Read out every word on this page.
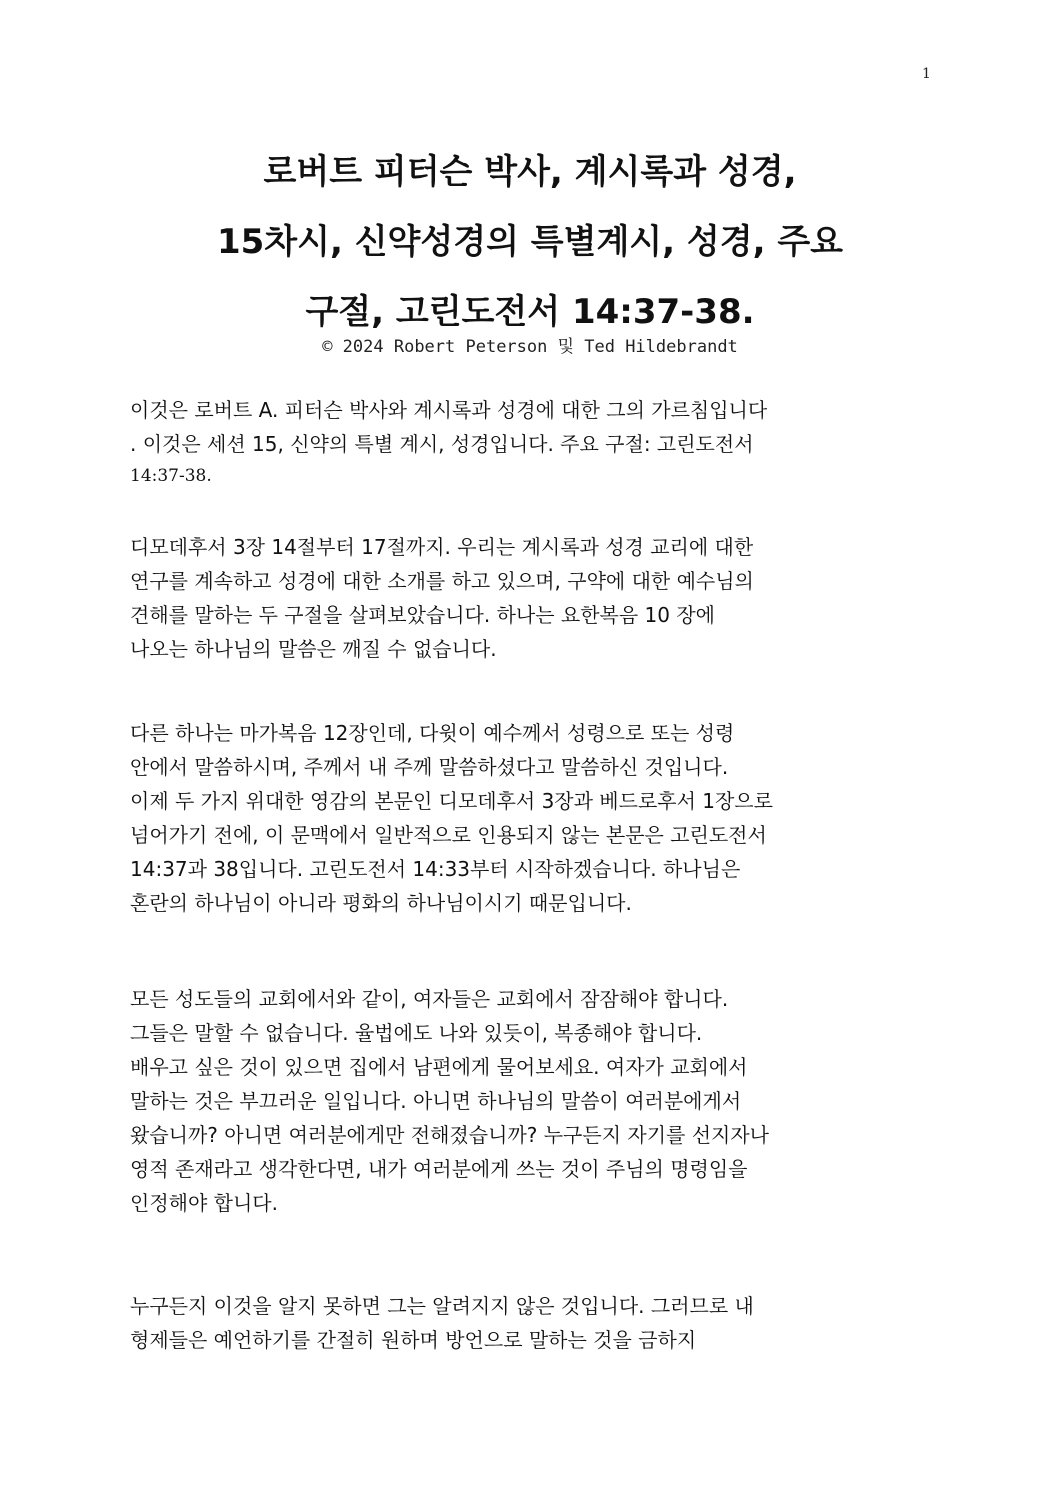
1
로버트 피터슨 박사, 계시록과 성경,
15차시, 신약성경의 특별계시, 성경, 주요
구절, 고린도전서 14:37-38.
© 2024 Robert Peterson 및 Ted Hildebrandt
이것은 로버트 A. 피터슨 박사와 계시록과 성경에 대한 그의 가르침입니다
. 이것은 세션 15, 신약의 특별 계시, 성경입니다. 주요 구절: 고린도전서
14:37-38.
디모데후서 3장 14절부터 17절까지. 우리는 계시록과 성경 교리에 대한
연구를 계속하고 성경에 대한 소개를 하고 있으며, 구약에 대한 예수님의
견해를 말하는 두 구절을 살펴보았습니다. 하나는 요한복음 10 장에
나오는 하나님의 말씀은 깨질 수 없습니다.
다른 하나는 마가복음 12장인데, 다윗이 예수께서 성령으로 또는 성령
안에서 말씀하시며, 주께서 내 주께 말씀하셨다고 말씀하신 것입니다.
이제 두 가지 위대한 영감의 본문인 디모데후서 3장과 베드로후서 1장으로
넘어가기 전에, 이 문맥에서 일반적으로 인용되지 않는 본문은 고린도전서
14:37과 38입니다. 고린도전서 14:33부터 시작하겠습니다. 하나님은
혼란의 하나님이 아니라 평화의 하나님이시기 때문입니다.
모든 성도들의 교회에서와 같이, 여자들은 교회에서 잠잠해야 합니다.
그들은 말할 수 없습니다. 율법에도 나와 있듯이, 복종해야 합니다.
배우고 싶은 것이 있으면 집에서 남편에게 물어보세요. 여자가 교회에서
말하는 것은 부끄러운 일입니다. 아니면 하나님의 말씀이 여러분에게서
왔습니까? 아니면 여러분에게만 전해졌습니까? 누구든지 자기를 선지자나
영적 존재라고 생각한다면, 내가 여러분에게 쓰는 것이 주님의 명령임을
인정해야 합니다.
누구든지 이것을 알지 못하면 그는 알려지지 않은 것입니다. 그러므로 내
형제들은 예언하기를 간절히 원하며 방언으로 말하는 것을 금하지
